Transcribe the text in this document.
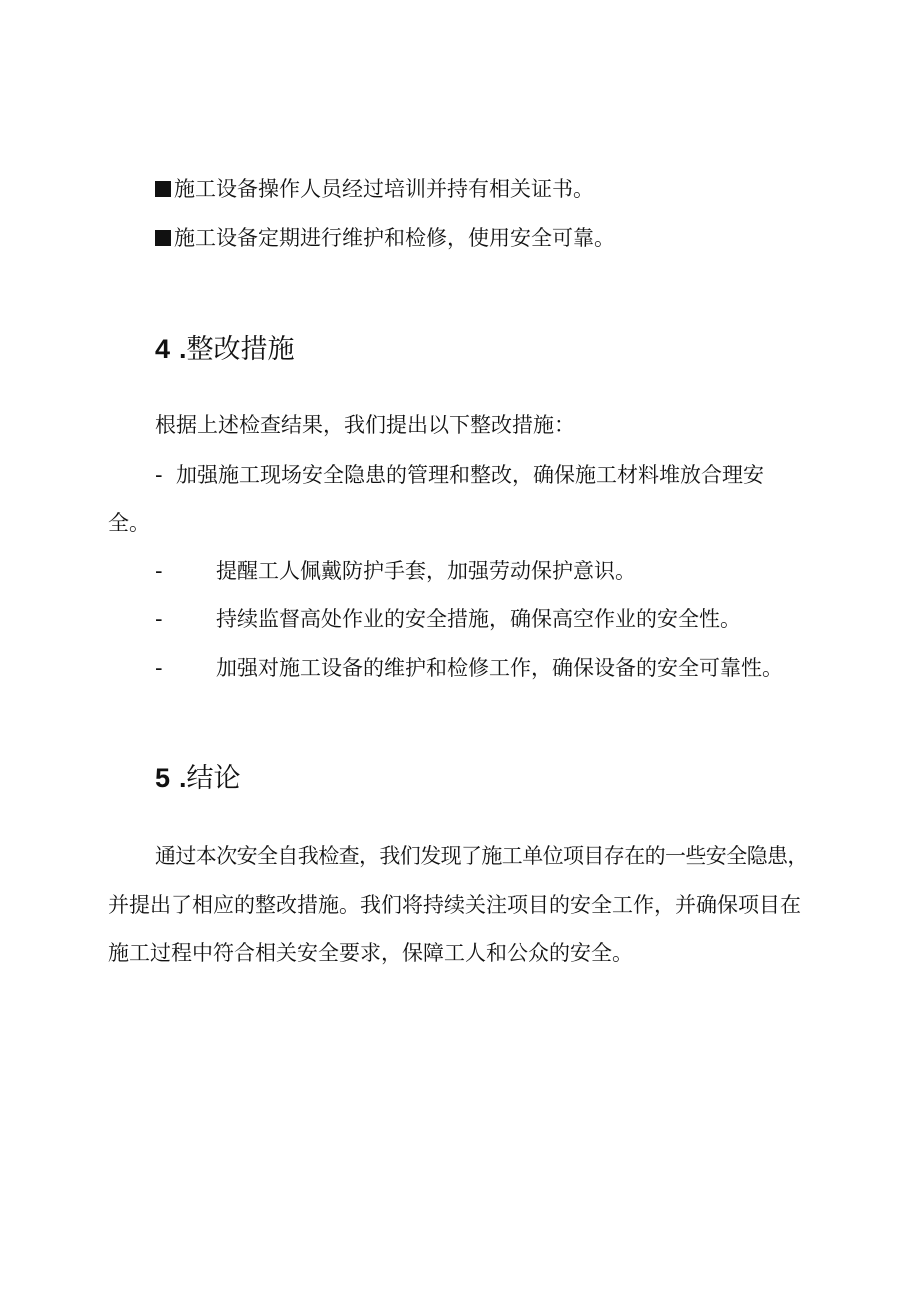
施工设备操作人员经过培训并持有相关证书。
施工设备定期进行维护和检修，使用安全可靠。
4 .整改措施
根据上述检查结果，我们提出以下整改措施：
- 加强施工现场安全隐患的管理和整改，确保施工材料堆放合理安
全。
-	提醒工人佩戴防护手套，加强劳动保护意识。
-	持续监督高处作业的安全措施，确保高空作业的安全性。
-	加强对施工设备的维护和检修工作，确保设备的安全可靠性。
5 .结论
通过本次安全自我检查，我们发现了施工单位项目存在的一些安全隐患，
并提出了相应的整改措施。我们将持续关注项目的安全工作，并确保项目在
施工过程中符合相关安全要求，保障工人和公众的安全。
